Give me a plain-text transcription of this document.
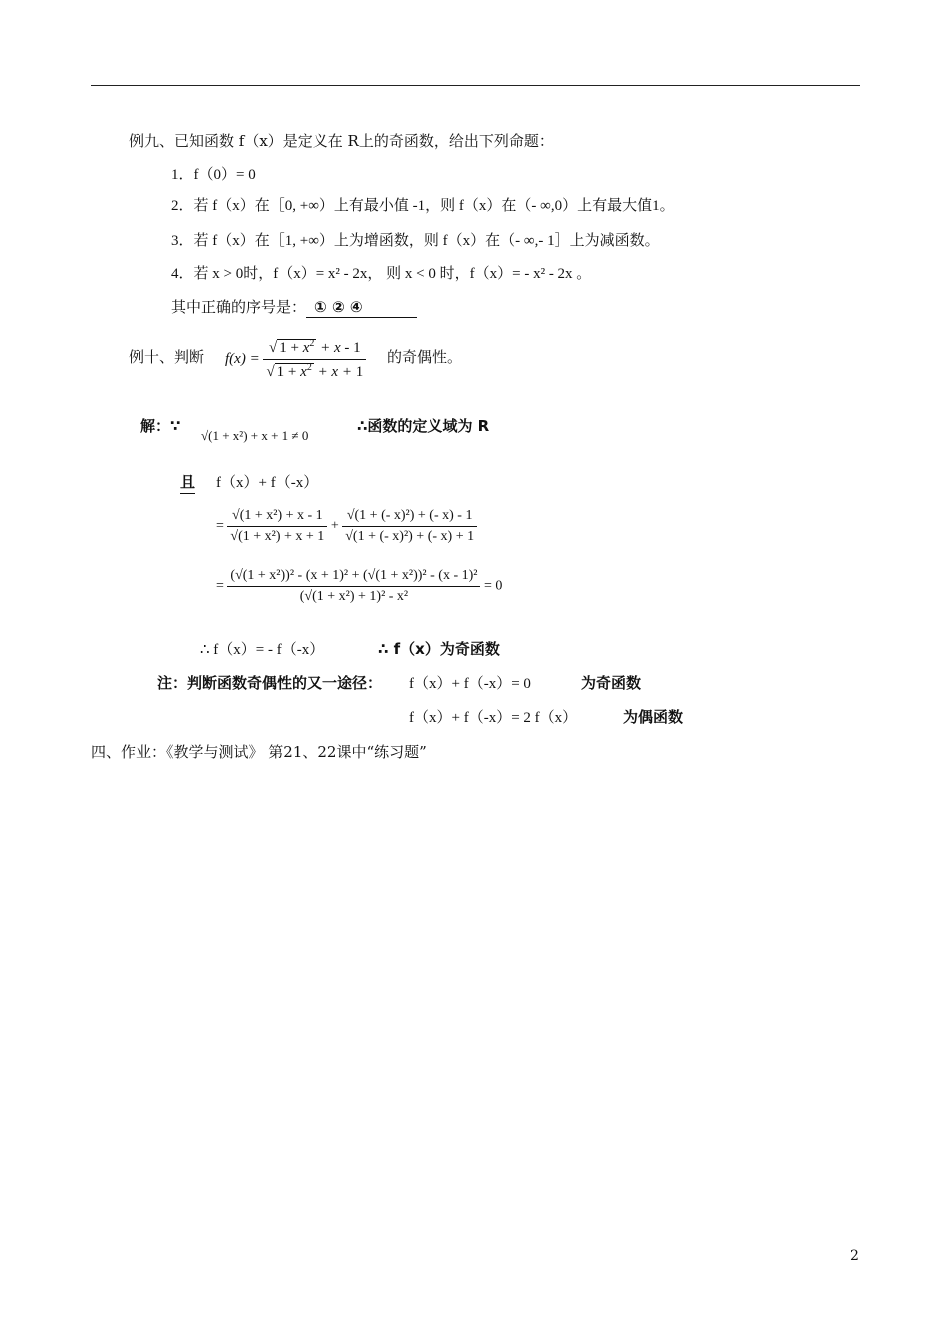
例九、已知函数 f（x）是定义在 R上的奇函数，给出下列命题：
1．f（0）= 0
2．若 f（x）在［0, +∞）上有最小值 -1，则 f（x）在（- ∞,0）上有最大值1。
3．若 f（x）在［1, +∞）上为增函数，则 f（x）在（- ∞,- 1］上为减函数。
4．若 x > 0时，f（x）= x² - 2x， 则 x < 0 时，f（x）= - x² - 2x 。
其中正确的序号是： ① ② ④
例十、判断 $f(x) = \frac{√ 1 + x^2 + x - 1}{√ 1 + x^2 + x + 1}$ 的奇偶性。
解：∵
√(1 + x²) + x + 1 ≠ 0
∴函数的定义域为 R
且 f（x）+ f（-x）
= $\frac{\text{√(1 + x²) + x - 1}}{\text{√(1 + x²) + x + 1}} + \frac{\text{√(1 + (- x)²) + (- x) - 1}}{\text{√(1 + (- x)²) + (- x) + 1}}$
= $\frac{\text{(√(1 + x²))² - (x + 1)² + (√(1 + x²))² - (x - 1)²}}{\text{(√(1 + x²) + 1)² - x²}} = 0$
∴ f（x）= - f（-x）	∴ f（x）为奇函数
注：判断函数奇偶性的又一途径： f（x）+ f（-x）= 0	为奇函数
f（x）+ f（-x）= 2 f（x）	为偶函数
四、作业：《教学与测试》 第21、22课中“练习题”
2
